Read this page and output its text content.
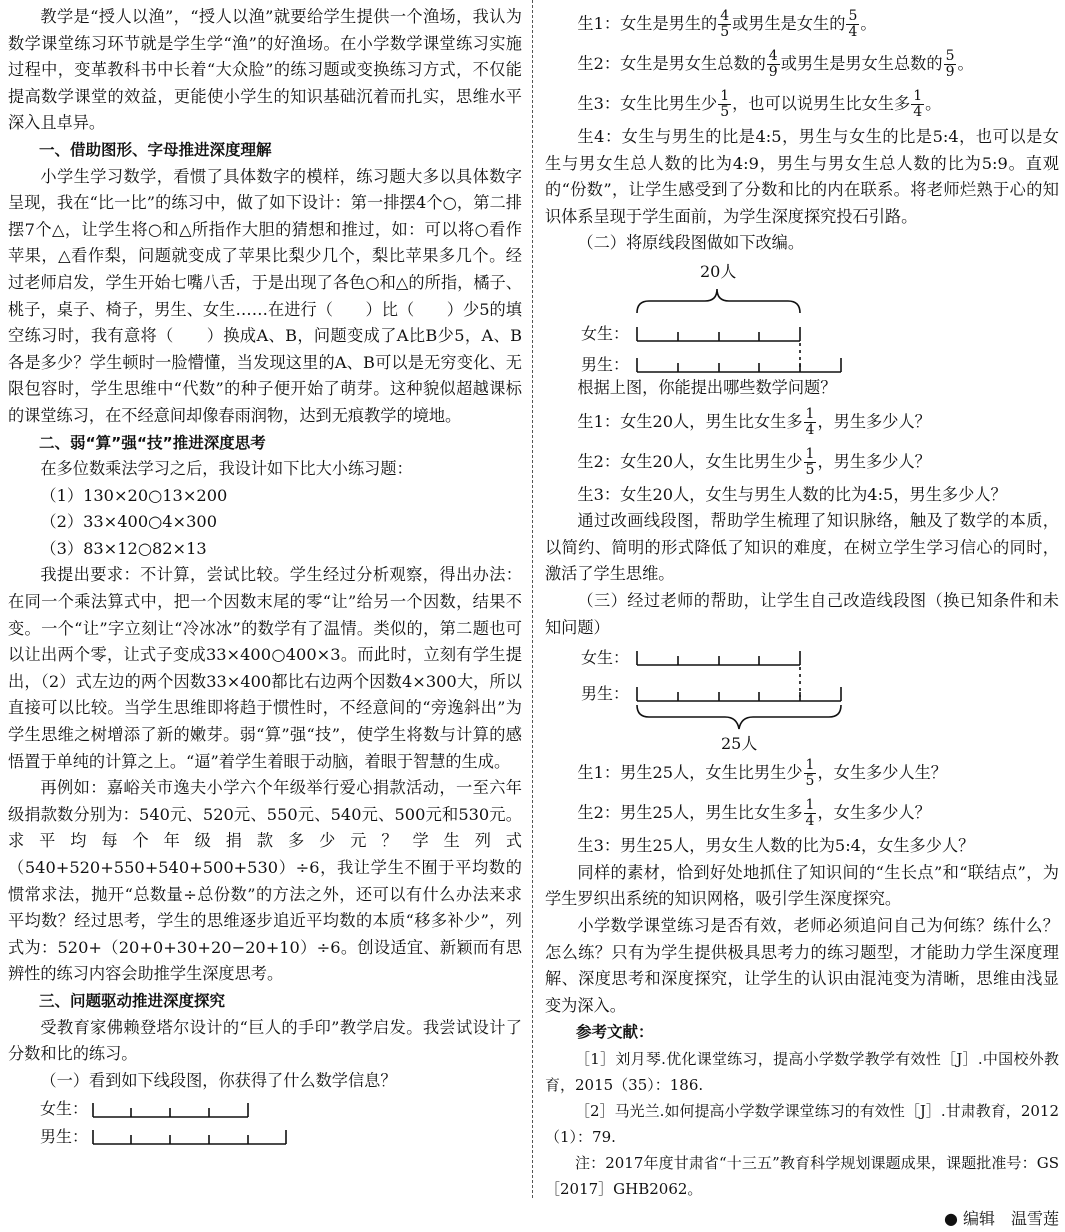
教学是“授人以渔”，“授人以渔”就要给学生提供一个渔场，我认为数学课堂练习环节就是学生学“渔”的好渔场。在小学数学课堂练习实施过程中，变革教科书中长着“大众脸”的练习题或变换练习方式，不仅能提高数学课堂的效益，更能使小学生的知识基础沉着而扎实，思维水平深入且卓异。

一、借助图形、字母推进深度理解

小学生学习数学，看惯了具体数字的模样，练习题大多以具体数字呈现，我在“比一比”的练习中，做了如下设计：第一排摆4个○，第二排摆7个△，让学生将○和△所指作大胆的猜想和推过，如：可以将○看作苹果，△看作梨，问题就变成了苹果比梨少几个，梨比苹果多几个。经过老师启发，学生开始七嘴八舌，于是出现了各色○和△的所指，橘子、桃子，桌子、椅子，男生、女生……在进行（　　）比（　　）少5的填空练习时，我有意将（　　）换成A、B，问题变成了A比B少5，A、B各是多少？学生顿时一脸懵懂，当发现这里的A、B可以是无穷变化、无限包容时，学生思维中“代数”的种子便开始了萌芽。这种貌似超越课标的课堂练习，在不经意间却像春雨润物，达到无痕教学的境地。

二、弱“算”强“技”推进深度思考

在多位数乘法学习之后，我设计如下比大小练习题：

（1）130×20○13×200

（2）33×400○4×300

（3）83×12○82×13

我提出要求：不计算，尝试比较。学生经过分析观察，得出办法：在同一个乘法算式中，把一个因数末尾的零“让”给另一个因数，结果不变。一个“让”字立刻让“冷冰冰”的数学有了温情。类似的，第二题也可以让出两个零，让式子变成33×400○400×3。而此时，立刻有学生提出，（2）式左边的两个因数33×400都比右边两个因数4×300大，所以直接可以比较。当学生思维即将趋于惯性时，不经意间的“旁逸斜出”为学生思维之树增添了新的嫩芽。弱“算”强“技”，使学生将数与计算的感悟置于单纯的计算之上。“逼”着学生着眼于动脑，着眼于智慧的生成。

再例如：嘉峪关市逸夫小学六个年级举行爱心捐款活动，一至六年级捐款数分别为：540元、520元、550元、540元、500元和530元。求平均每个年级捐款多少元？学生列式（540+520+550+540+500+530）÷6，我让学生不囿于平均数的惯常求法，抛开“总数量÷总份数”的方法之外，还可以有什么办法来求平均数？经过思考，学生的思维逐步追近平均数的本质“移多补少”，列式为：520+（20+0+30+20−20+10）÷6。创设适宜、新颖而有思辨性的练习内容会助推学生深度思考。

三、问题驱动推进深度探究

受教育家佛赖登塔尔设计的“巨人的手印”教学启发。我尝试设计了分数和比的练习。

（一）看到如下线段图，你获得了什么数学信息？

女生：
男生：

生1：女生是男生的 $\frac{4}{5}$ 或男生是女生的 $\frac{5}{4}$ 。

生2：女生是男女生总数的 $\frac{4}{9}$ 或男生是男女生总数的 $\frac{5}{9}$ 。

生3：女生比男生少 $\frac{1}{5}$ ，也可以说男生比女生多 $\frac{1}{4}$ 。

生4：女生与男生的比是4:5，男生与女生的比是5:4，也可以是女生与男女生总人数的比为4:9，男生与男女生总人数的比为5:9。直观的“份数”，让学生感受到了分数和比的内在联系。将老师烂熟于心的知识体系呈现于学生面前，为学生深度探究投石引路。

（二）将原线段图做如下改编。

20人
女生：
男生：

根据上图，你能提出哪些数学问题？

生1：女生20人，男生比女生多 $\frac{1}{4}$ ，男生多少人？

生2：女生20人，女生比男生少 $\frac{1}{5}$ ，男生多少人？

生3：女生20人，女生与男生人数的比为4:5，男生多少人？

通过改画线段图，帮助学生梳理了知识脉络，触及了数学的本质，以简约、简明的形式降低了知识的难度，在树立学生学习信心的同时，激活了学生思维。

（三）经过老师的帮助，让学生自己改造线段图（换已知条件和未知问题）

女生：
男生：
25人

生1：男生25人，女生比男生少 $\frac{1}{5}$ ，女生多少人生？

生2：男生25人，男生比女生多 $\frac{1}{4}$ ，女生多少人？

生3：男生25人，男女生人数的比为5:4，女生多少人？

同样的素材，恰到好处地抓住了知识间的“生长点”和“联结点”，为学生罗织出系统的知识网格，吸引学生深度探究。

小学数学课堂练习是否有效，老师必须追问自己为何练？练什么？怎么练？只有为学生提供极具思考力的练习题型，才能助力学生深度理解、深度思考和深度探究，让学生的认识由混沌变为清晰，思维由浅显变为深入。

参考文献：

［1］刘月琴.优化课堂练习，提高小学数学教学有效性［J］.中国校外教育，2015（35）：186.

［2］马光兰.如何提高小学数学课堂练习的有效性［J］.甘肃教育，2012（1）：79.

注：2017年度甘肃省“十三五”教育科学规划课题成果，课题批准号：GS［2017］GHB2062。

● 编辑　温雪莲
